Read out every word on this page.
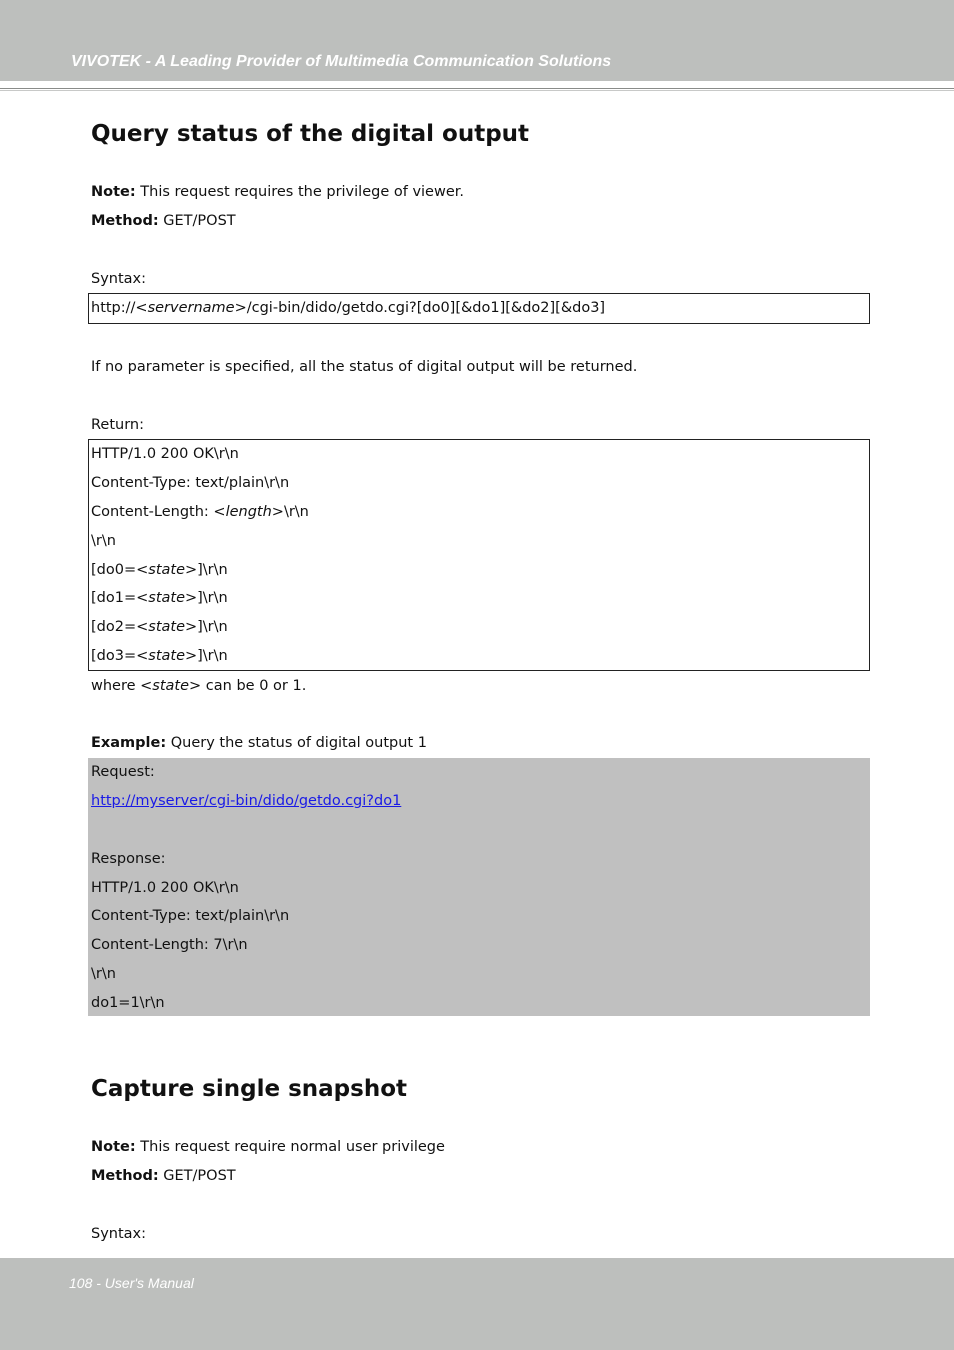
VIVOTEK - A Leading Provider of Multimedia Communication Solutions
Query status of the digital output
Note: This request requires the privilege of viewer.
Method: GET/POST
Syntax:
http://<servername>/cgi-bin/dido/getdo.cgi?[do0][&do1][&do2][&do3]
If no parameter is specified, all the status of digital output will be returned.
Return:
HTTP/1.0 200 OK\r\n
Content-Type: text/plain\r\n
Content-Length: <length>\r\n
\r\n
[do0=<state>]\r\n
[do1=<state>]\r\n
[do2=<state>]\r\n
[do3=<state>]\r\n
where <state> can be 0 or 1.
Example: Query the status of digital output 1
Request:
http://myserver/cgi-bin/dido/getdo.cgi?do1
Response:
HTTP/1.0 200 OK\r\n
Content-Type: text/plain\r\n
Content-Length: 7\r\n
\r\n
do1=1\r\n
Capture single snapshot
Note: This request require normal user privilege
Method: GET/POST
Syntax:
108 - User's Manual
